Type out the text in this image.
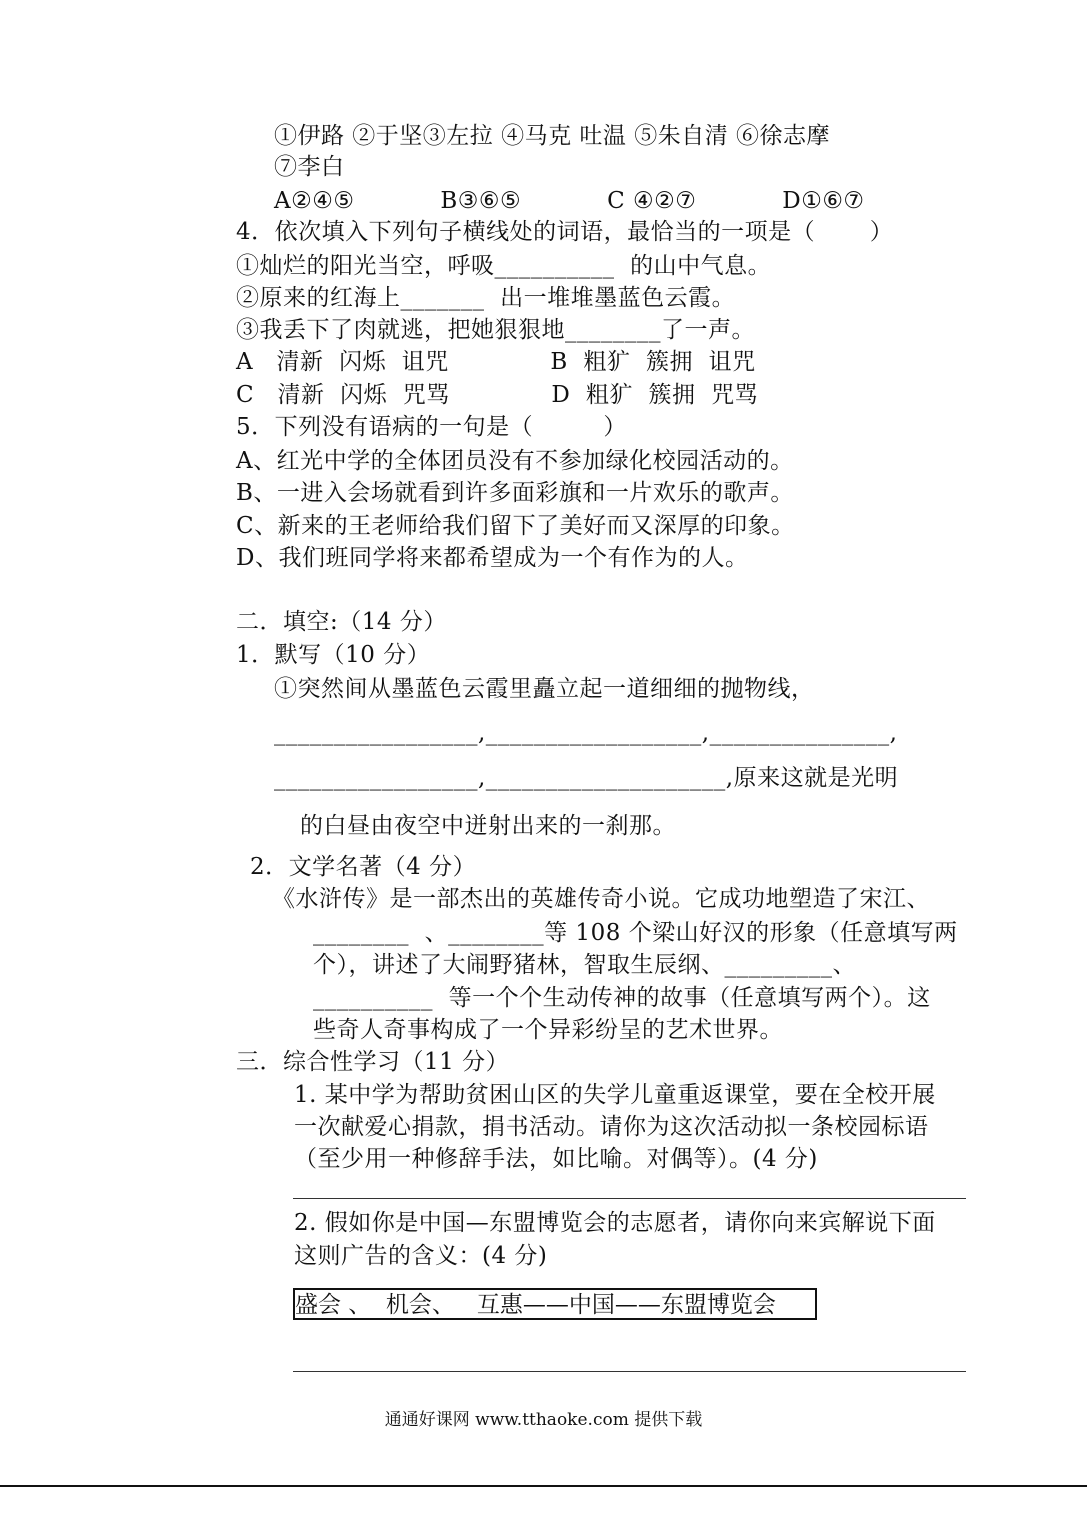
①伊路 ②于坚③左拉 ④马克 吐温 ⑤朱自清 ⑥徐志摩
⑦李白
A②④⑤           B③⑥⑤           C ④②⑦           D①⑥⑦
4．依次填入下列句子横线处的词语，最恰当的一项是（       ）
①灿烂的阳光当空，呼吸__________  的山中气息。
②原来的红海上_______  出一堆堆墨蓝色云霞。
③我丢下了肉就逃，把她狠狠地________了一声。
A   清新  闪烁  诅咒             B  粗犷  簇拥  诅咒
C   清新  闪烁  咒骂             D  粗犷  簇拥  咒骂
5．下列没有语病的一句是（         ）
A、红光中学的全体团员没有不参加绿化校园活动的。
B、一进入会场就看到许多面彩旗和一片欢乐的歌声。
C、新来的王老师给我们留下了美好而又深厚的印象。
D、我们班同学将来都希望成为一个有作为的人。
二．填空:（14 分）
1．默写（10 分）
①突然间从墨蓝色云霞里矗立起一道细细的抛物线，
_________________,__________________,_______________,
_________________,____________________,原来这就是光明
的白昼由夜空中迸射出来的一刹那。
2．文学名著（4 分）
《水浒传》是一部杰出的英雄传奇小说。它成功地塑造了宋江、
________  、________等 108 个梁山好汉的形象（任意填写两
个），讲述了大闹野猪林，智取生辰纲、_________、
__________  等一个个生动传神的故事（任意填写两个）。这
些奇人奇事构成了一个异彩纷呈的艺术世界。
三．综合性学习（11 分）
1. 某中学为帮助贫困山区的失学儿童重返课堂，要在全校开展
一次献爱心捐款，捐书活动。请你为这次活动拟一条校园标语
（至少用一种修辞手法，如比喻。对偶等）。(4 分)
2. 假如你是中国—东盟博览会的志愿者，请你向来宾解说下面
这则广告的含义：(4 分)
盛会 、  机会、   互惠——中国——东盟博览会
通通好课网 www.tthaoke.com 提供下载
